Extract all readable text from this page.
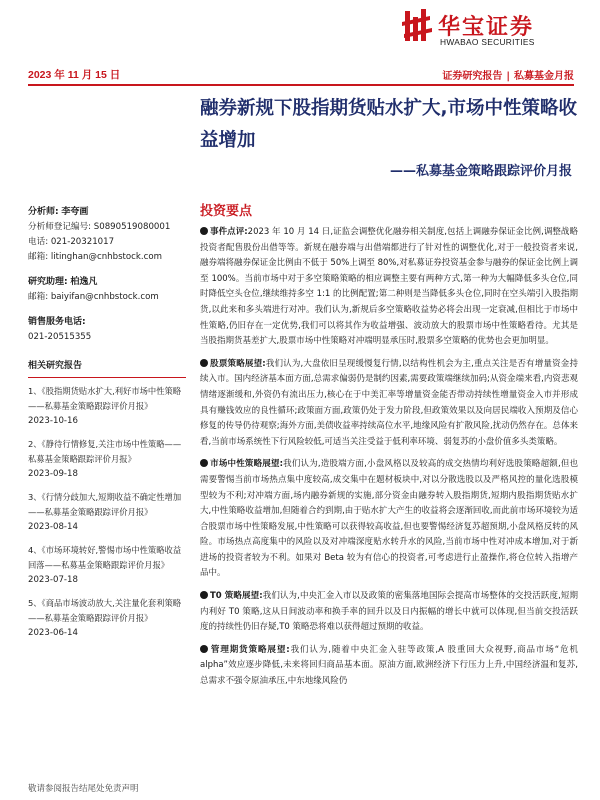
华宝证券
HWABAO SECURITIES
2023 年 11 月 15 日	证券研究报告 | 私募基金月报
融券新规下股指期货贴水扩大,市场中性策略收益增加
——私募基金策略跟踪评价月报
分析师: 李夸画
分析师登记编号: S0890519080001
电话: 021-20321017
邮箱: litinghan@cnhbstock.com
研究助理: 柏逸凡
邮箱: baiyifan@cnhbstock.com
销售服务电话:
021-20515355
相关研究报告
1、《股指期货贴水扩大,利好市场中性策略——私募基金策略跟踪评价月报》
2023-10-16
2、《静待行情修复,关注市场中性策略——私募基金策略跟踪评价月报》
2023-09-18
3、《行情分歧加大,短期收益不确定性增加——私募基金策略跟踪评价月报》
2023-08-14
4、《市场环境转好,警惕市场中性策略收益回落——私募基金策略跟踪评价月报》
2023-07-18
5、《商品市场波动放大,关注量化套利策略——私募基金策略跟踪评价月报》
2023-06-14
投资要点

事件点评:2023 年 10 月 14 日,证监会调整优化融券相关制度,包括上调融券保证金比例,调整战略投资者配售股份出借等等。新规在融券端与出借端都进行了针对性的调整优化,对于一般投资者来说,融券端将融券保证金比例由不低于 50%上调至 80%,对私募证券投资基金参与融券的保证金比例上调至 100%。当前市场中对于多空策略策略的相应调整主要有两种方式,第一种为大幅降低多头仓位,同时降低空头仓位,继续维持多空 1:1 的比例配置;第二种则是当降低多头仓位,同时在空头端引入股指期货,以此来和多头端进行对冲。我们认为,新规后多空策略收益势必将会出现一定衰减,但相比于市场中性策略,仍旧存在一定优势,我们可以将其作为收益增强、波动放大的股票市场中性策略看待。尤其是当股指期货基差扩大,股票市场中性策略对冲端明显承压时,股票多空策略的优势也会更加明显。

股票策略展望:我们认为,大盘依旧呈现缓慢复行情,以结构性机会为主,重点关注是否有增量资金持续入市。国内经济基本面方面,总需求偏弱仍是制约因素,需要政策端继续加码;从资金端来看,内资悲观情绪逐渐缓和,外资仍有流出压力,核心在于中美汇率等增量资金能否带动持续性增量资金入市并形成具有赚钱效应的良性循环;政策面方面,政策仍处于发力阶段,但政策效果以及向居民端收入预期及信心修复的传导仍待观察;海外方面,美债收益率持续高位水平,地缘风险有扩散风险,扰动仍然存在。总体来看,当前市场系统性下行风险较低,可适当关注受益于低利率环境、弱复苏的小盘价值多头类策略。

市场中性策略展望:我们认为,造股端方面,小盘风格以及较高的成交热情均利好选股策略超额,但也需要警惕当前市场热点集中度较高,成交集中在题材板块中,对以分散选股以及严格风控的量化选股模型较为不利;对冲端方面,场内融券新规的实施,部分资金由融券转入股指期货,短期内股指期货贴水扩大,中性策略收益增加,但随着合约到期,由于贴水扩大产生的收益将会逐渐回收,而此前市场环境较为适合股票市场中性策略发展,中性策略可以获得较高收益,但也要警惕经济复苏超预期,小盘风格反转的风险。市场热点高度集中的风险以及对冲端深度贴水转升水的风险,当前市场中性对冲成本增加,对于新进场的投资者较为不利。如果对 Beta 较为有信心的投资者,可考虑进行止盈操作,将仓位转入指增产品中。

T0 策略展望:我们认为,中央汇金入市以及政策的密集落地国际会提高市场整体的交投活跃度,短期内利好 T0 策略,这从日间波动率和换手率的回升以及日内振幅的增长中就可以体现,但当前交投活跃度的持续性仍旧存疑,T0 策略恐将难以获得超过预期的收益。

管理期货策略展望:我们认为,随着中央汇金入驻等政策,A 股重回大众视野,商品市场“危机 alpha”效应逐步降低,未来将回归商品基本面。原油方面,欧洲经济下行压力上升,中国经济温和复苏,总需求不强令原油承压,中东地缘风险仍

敬请参阅报告结尾处免责声明
